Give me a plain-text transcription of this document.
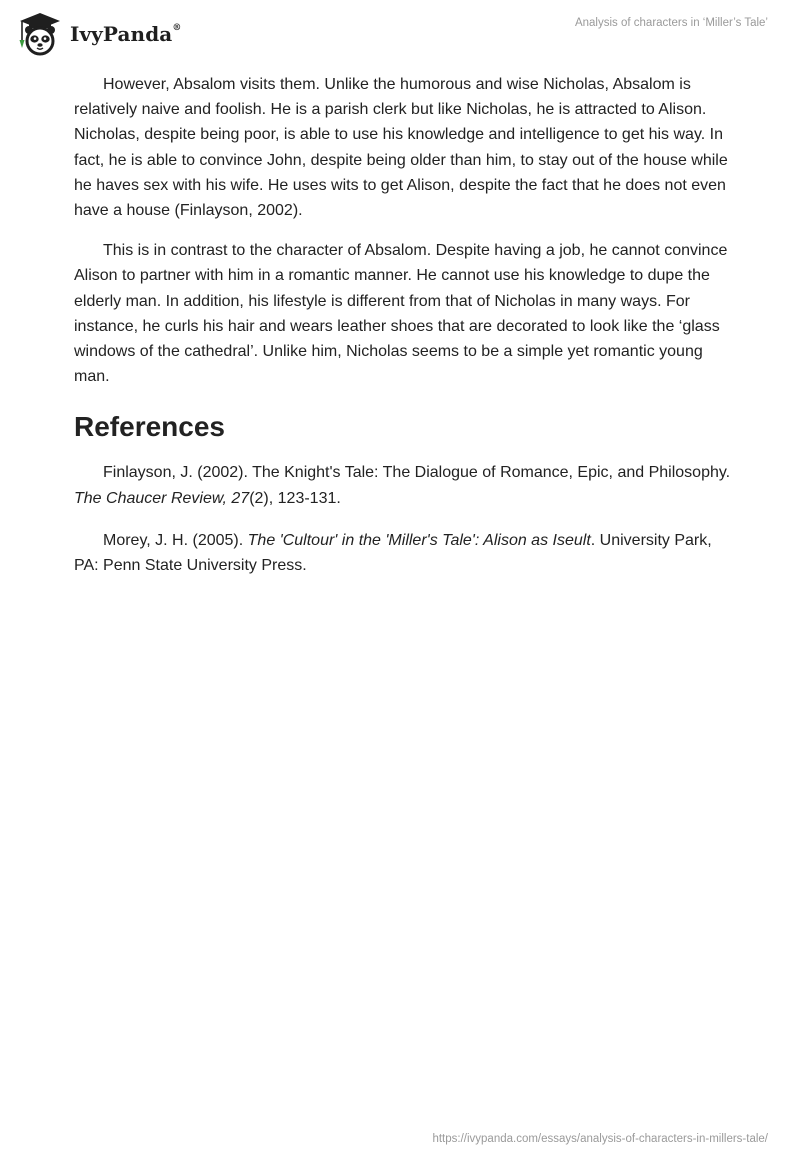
IvyPanda®	Analysis of characters in ‘Miller’s Tale’

However, Absalom visits them. Unlike the humorous and wise Nicholas, Absalom is relatively naive and foolish. He is a parish clerk but like Nicholas, he is attracted to Alison. Nicholas, despite being poor, is able to use his knowledge and intelligence to get his way. In fact, he is able to convince John, despite being older than him, to stay out of the house while he haves sex with his wife. He uses wits to get Alison, despite the fact that he does not even have a house (Finlayson, 2002).

This is in contrast to the character of Absalom. Despite having a job, he cannot convince Alison to partner with him in a romantic manner. He cannot use his knowledge to dupe the elderly man. In addition, his lifestyle is different from that of Nicholas in many ways. For instance, he curls his hair and wears leather shoes that are decorated to look like the ‘glass windows of the cathedral’. Unlike him, Nicholas seems to be a simple yet romantic young man.

References

Finlayson, J. (2002). The Knight's Tale: The Dialogue of Romance, Epic, and Philosophy. The Chaucer Review, 27(2), 123-131.

Morey, J. H. (2005). The 'Cultour' in the 'Miller's Tale': Alison as Iseult. University Park, PA: Penn State University Press.

https://ivypanda.com/essays/analysis-of-characters-in-millers-tale/
